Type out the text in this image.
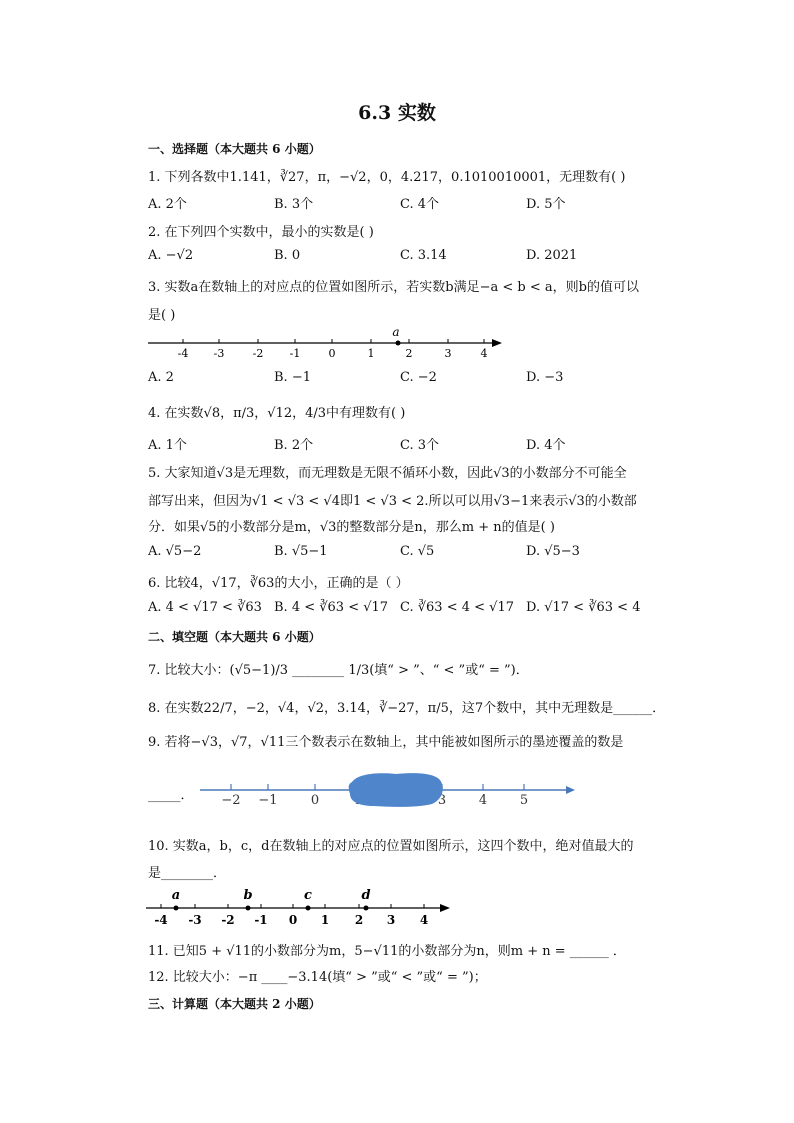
6.3 实数
一、选择题（本大题共 6 小题）
1. 下列各数中1.141，∛27，π，−√2，0，4.217，0.1010010001，无理数有( )
A. 2个	B. 3个	C. 4个	D. 5个
2. 在下列四个实数中，最小的实数是( )
A. −√2	B. 0	C. 3.14	D. 2021
3. 实数a在数轴上的对应点的位置如图所示，若实数b满足−a < b < a，则b的值可以
是( )
-4 -3	-2 -1	0	1	2	3	4
a
A. 2	B. −1	C. −2	D. −3
4. 在实数√8，π/3，√12，4/3中有理数有( )
A. 1个	B. 2个	C. 3个	D. 4个
5. 大家知道√3是无理数，而无理数是无限不循环小数，因此√3的小数部分不可能全
部写出来，但因为√1 < √3 < √4即1 < √3 < 2.所以可以用√3−1来表示√3的小数部
分．如果√5的小数部分是m，√3的整数部分是n，那么m + n的值是( )
A. √5−2	B. √5−1	C. √5	D. √5−3
6. 比较4，√17，∛63的大小，正确的是（ ）
A. 4 < √17 < ∛63 B. 4 < ∛63 < √17 C. ∛63 < 4 < √17 D. √17 < ∛63 < 4
二、填空题（本大题共 6 小题）
7. 比较大小：(√5−1)/3 ________ 1/3(填“ > ”、“ < ”或“ = ”)．
8. 在实数22/7，−2，√4，√2，3.14，∛−27，π/5，这7个数中，其中无理数是______．
9. 若将−√3，√7，√11三个数表示在数轴上，其中能被如图所示的墨迹覆盖的数是
_____． −2 −1	0	3	4	5
10. 实数a，b，c，d在数轴上的对应点的位置如图所示，这四个数中，绝对值最大的
是________．
-4 -3 -2 -1 0 1 2 3 4
a	b	c	d
11. 已知5 + √11的小数部分为m，5−√11的小数部分为n，则m + n = ______ ．
12. 比较大小：−π ____−3.14(填“ > ”或“ < ”或“ = ”)；
三、计算题（本大题共 2 小题）
